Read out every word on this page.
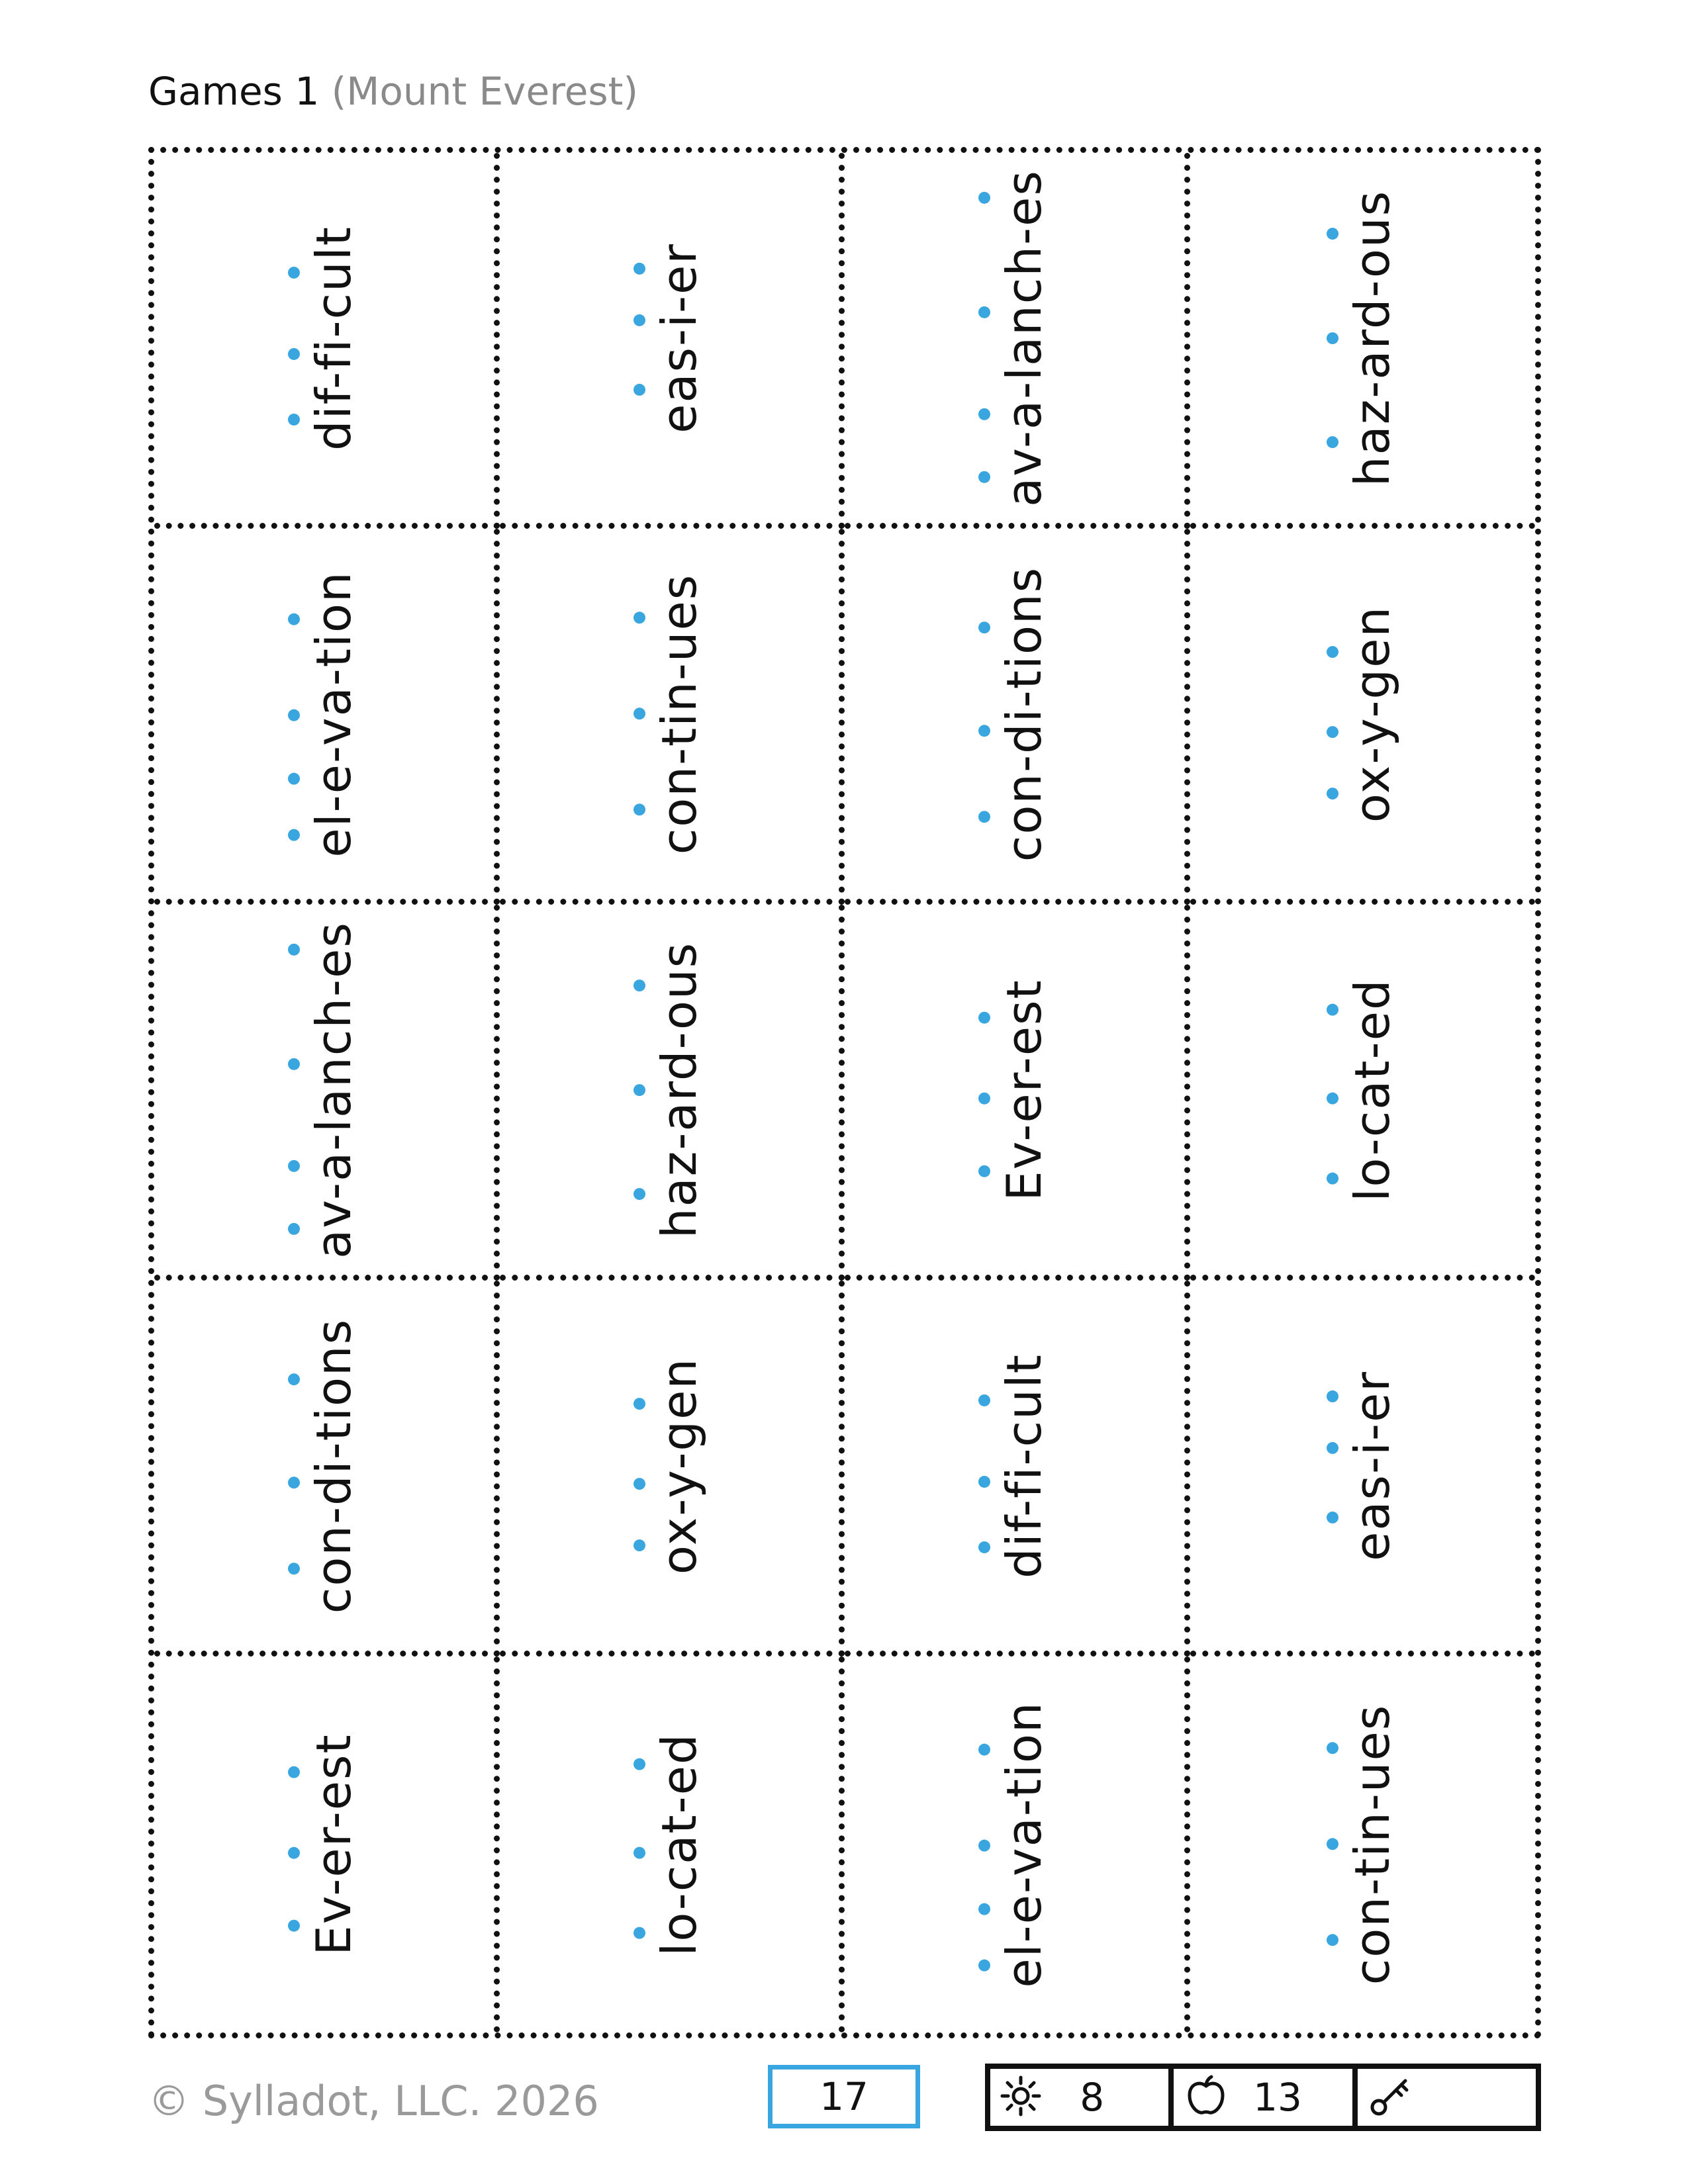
Games 1 (Mount Everest)
dif-fi-cult
eas-i-er
av-a-lanch-es
haz-ard-ous
el-e-va-tion
con-tin-ues
con-di-tions
ox-y-gen
av-a-lanch-es
haz-ard-ous
Ev-er-est
lo-cat-ed
con-di-tions
ox-y-gen
dif-fi-cult
eas-i-er
Ev-er-est
lo-cat-ed
el-e-va-tion
con-tin-ues
© Sylladot, LLC. 2026	17	8	13
